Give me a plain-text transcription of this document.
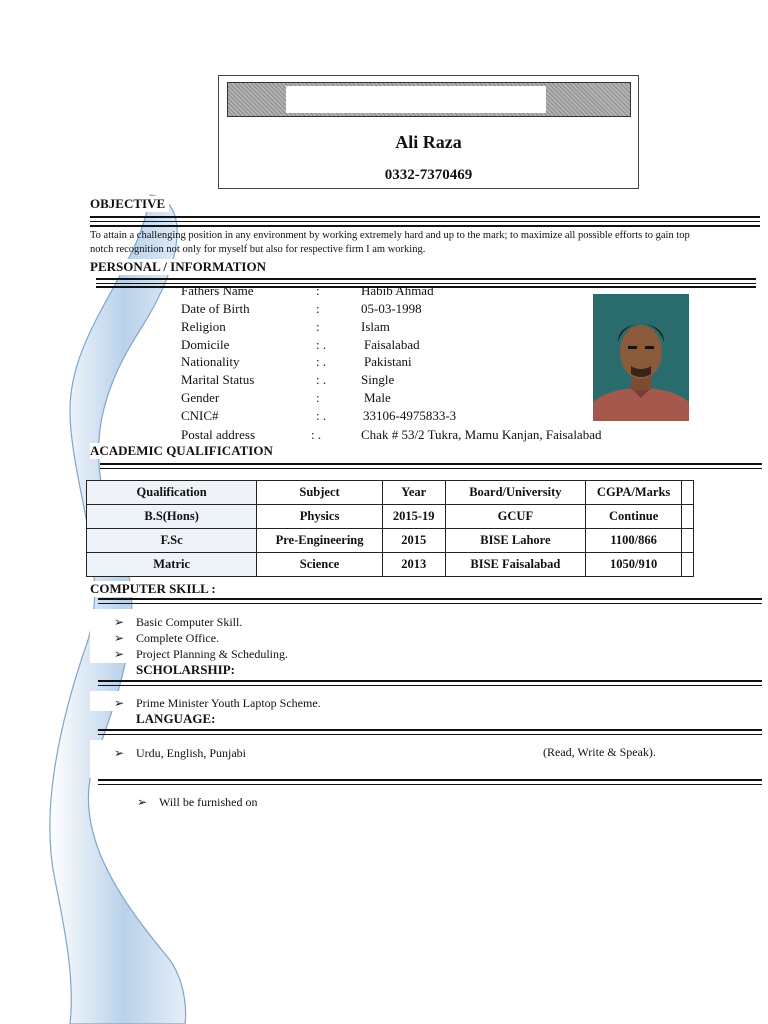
Ali Raza
0332-7370469
OBJECTIVE
To attain a challenging position in any environment by working extremely hard and up to the mark; to maximize all possible efforts to gain top notch recognition not only for myself but also for respective firm I am working.
PERSONAL / INFORMATION
Fathers Name	:	Habib Ahmad
Date of Birth	:	05-03-1998
Religion	:	Islam
Domicile	: .	Faisalabad
Nationality	: .	Pakistani
Marital Status	: .	Single
Gender	:	Male
CNIC#	: .	33106-4975833-3
Postal address	: .	Chak # 53/2 Tukra, Mamu Kanjan, Faisalabad
ACADEMIC QUALIFICATION
Qualification	Subject	Year	Board/University	CGPA/Marks	
B.S(Hons)	Physics	2015-19	GCUF	Continue	
F.Sc	Pre-Engineering	2015	BISE Lahore	1100/866	
Matric	Science	2013	BISE Faisalabad	1050/910	
COMPUTER SKILL :
➢ Basic Computer Skill.
➢ Complete Office.
➢ Project Planning & Scheduling.
SCHOLARSHIP:
➢ Prime Minister Youth Laptop Scheme.
LANGUAGE:
➢ Urdu, English, Punjabi	(Read, Write & Speak).
➢ Will be furnished on
